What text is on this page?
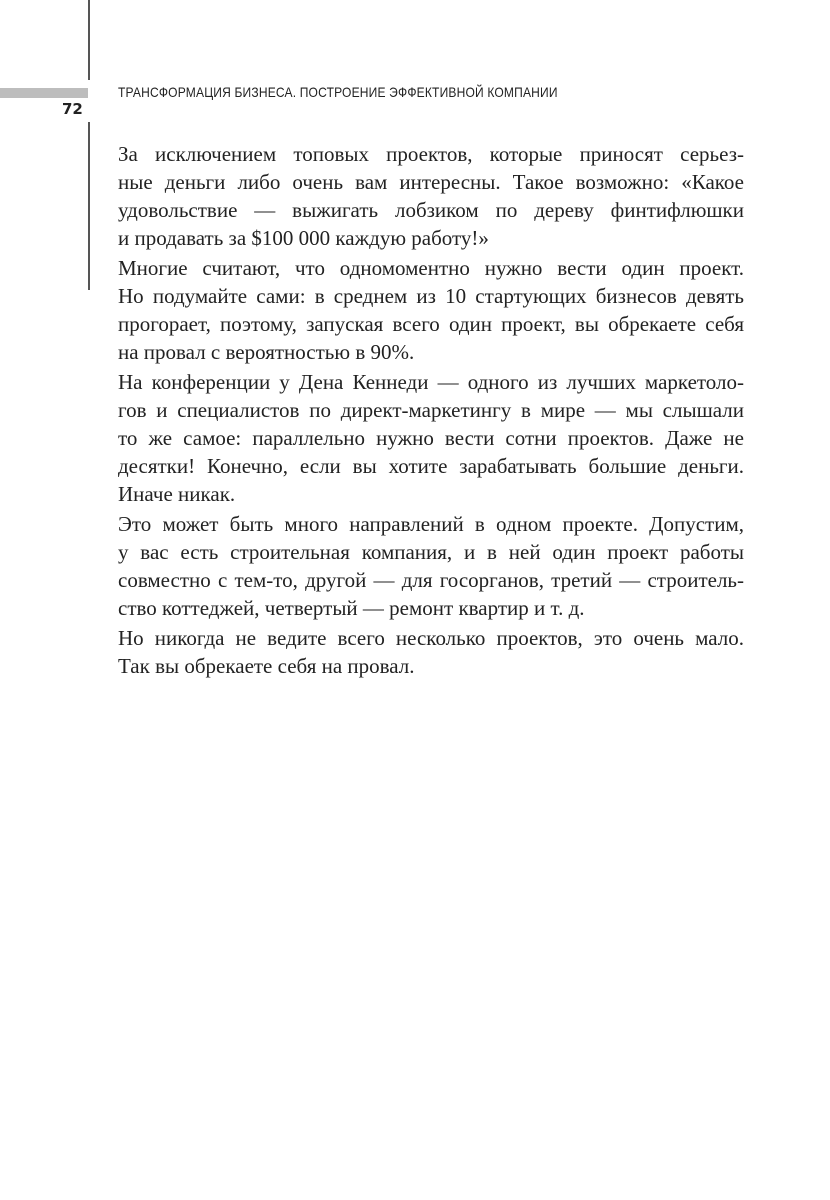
72
ТРАНСФОРМАЦИЯ БИЗНЕСА. ПОСТРОЕНИЕ ЭФФЕКТИВНОЙ КОМПАНИИ
За исключением топовых проектов, которые приносят серьез-
ные деньги либо очень вам интересны. Такое возможно: «Какое
удовольствие — выжигать лобзиком по дереву финтифлюшки
и продавать за $100 000 каждую работу!»
Многие считают, что одномоментно нужно вести один проект.
Но подумайте сами: в среднем из 10 стартующих бизнесов девять
прогорает, поэтому, запуская всего один проект, вы обрекаете себя
на провал с вероятностью в 90%.
На конференции у Дена Кеннеди — одного из лучших маркетоло-
гов и специалистов по директ-маркетингу в мире — мы слышали
то же самое: параллельно нужно вести сотни проектов. Даже не
десятки! Конечно, если вы хотите зарабатывать большие деньги.
Иначе никак.
Это может быть много направлений в одном проекте. Допустим,
у вас есть строительная компания, и в ней один проект работы
совместно с тем-то, другой — для госорганов, третий — строитель-
ство коттеджей, четвертый — ремонт квартир и т. д.
Но никогда не ведите всего несколько проектов, это очень мало.
Так вы обрекаете себя на провал.
